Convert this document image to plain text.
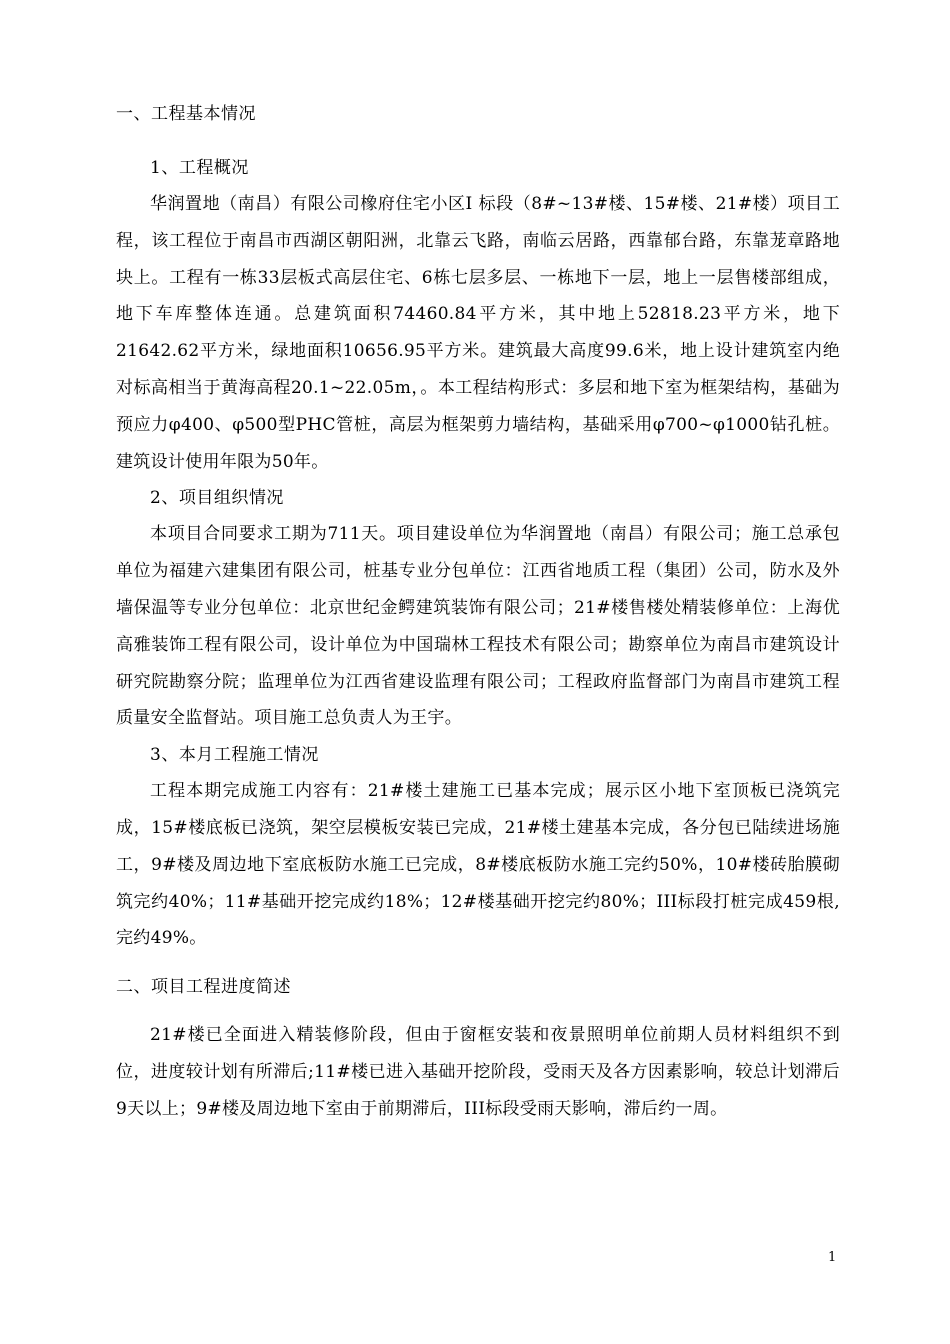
一、工程基本情况
1、工程概况

华润置地（南昌）有限公司橡府住宅小区Ⅰ 标段（8#~13#楼、15#楼、21#楼）项目工程，该工程位于南昌市西湖区朝阳洲，北靠云飞路，南临云居路，西靠郁台路，东靠茏章路地块上。工程有一栋33层板式高层住宅、6栋七层多层、一栋地下一层，地上一层售楼部组成，地下车库整体连通。总建筑面积74460.84平方米，其中地上52818.23平方米，地下21642.62平方米，绿地面积10656.95平方米。建筑最大高度99.6米，地上设计建筑室内绝对标高相当于黄海高程20.1~22.05m，。本工程结构形式：多层和地下室为框架结构，基础为预应力φ400、φ500型PHC管桩，高层为框架剪力墙结构，基础采用φ700~φ1000钻孔桩。建筑设计使用年限为50年。

2、项目组织情况

本项目合同要求工期为711天。项目建设单位为华润置地（南昌）有限公司；施工总承包单位为福建六建集团有限公司，桩基专业分包单位：江西省地质工程（集团）公司，防水及外墙保温等专业分包单位：北京世纪金鳄建筑装饰有限公司；21#楼售楼处精装修单位：上海优高雅装饰工程有限公司，设计单位为中国瑞林工程技术有限公司；勘察单位为南昌市建筑设计研究院勘察分院；监理单位为江西省建设监理有限公司；工程政府监督部门为南昌市建筑工程质量安全监督站。项目施工总负责人为王宇。

3、本月工程施工情况

工程本期完成施工内容有：21#楼土建施工已基本完成；展示区小地下室顶板已浇筑完成，15#楼底板已浇筑，架空层模板安装已完成，21#楼土建基本完成，各分包已陆续进场施工，9#楼及周边地下室底板防水施工已完成，8#楼底板防水施工完约50%，10#楼砖胎膜砌筑完约40%；11#基础开挖完成约18%；12#楼基础开挖完约80%；III标段打桩完成459根,完约49%。

二、项目工程进度简述

21#楼已全面进入精装修阶段，但由于窗框安装和夜景照明单位前期人员材料组织不到位，进度较计划有所滞后;11#楼已进入基础开挖阶段，受雨天及各方因素影响，较总计划滞后9天以上；9#楼及周边地下室由于前期滞后，III标段受雨天影响，滞后约一周。

1
